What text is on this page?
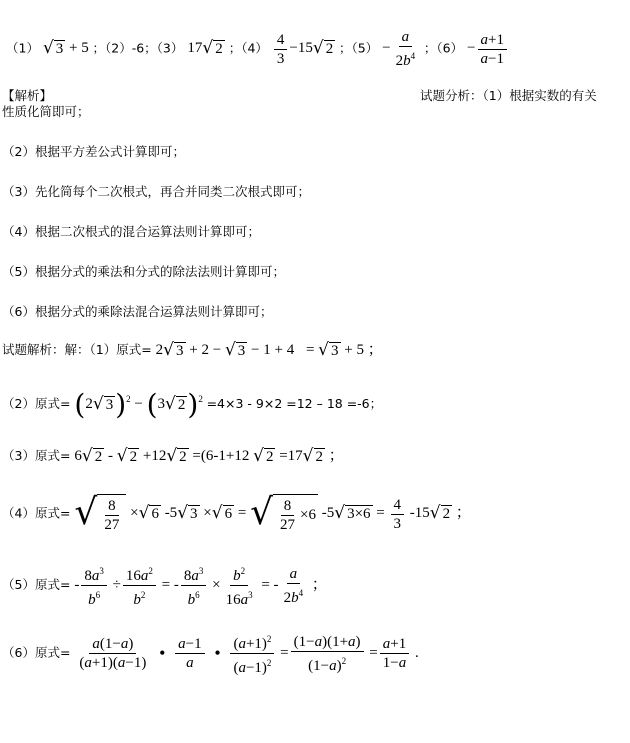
（1） √ 3 + 5 ；（2）-6；（3） 17 √ 2 ；$(4) \frac{4}{3} -15$ √ 2 ；$(5) - \frac{a}{2b^4}$ ；$(6) - \frac{a+1}{a-1}$
【解析】	试题分析：（1）根据实数的有关
性质化简即可；
（2）根据平方差公式计算即可；
（3）先化简每个二次根式，再合并同类二次根式即可；
（4）根据二次根式的混合运算法则计算即可；
（5）根据分式的乘法和分式的除法法则计算即可；
（6）根据分式的乘除法混合运算法则计算即可；
试题解析：解：（1）原式= 2 √ 3 + 2 − √ 3 − 1 + 4 = √ 3 + 5 ；
（2）原式= (2 √ 3 )$^2$ − (3 √ 2 )$^2$ =4×3 - 9×2 =12 – 18 =-6；
（3）原式= 6 √ 2 - √ 2 +12 √ 2 =(6-1+12 √ 2 =17 √ 2 ；
（4）原式= √ $\frac{8}{27}$ × √ 6 -5 √ 3 × √ 6 = √ $\frac{8}{27} \times 6$ -5 √ $3\times 6 = \frac{4}{3} -15$ √ 2 ；
（5）原式= - $\frac{8a^3}{b^6} \div \frac{16a^2}{b^2}$ = - $\frac{8a^3}{b^6} \times \frac{b^2}{16a^3}$ = - $\frac{a}{2b^4}$ ；
（6）原式= $\frac{a(1-a)}{(a+1)(a-1)}$ • $\frac{a-1}{a}$ • $\frac{(a+1)^2}{(a-1)^2} = \frac{(1-a)(1+a)}{(1-a)^2} = \frac{a+1}{1-a}$ .
